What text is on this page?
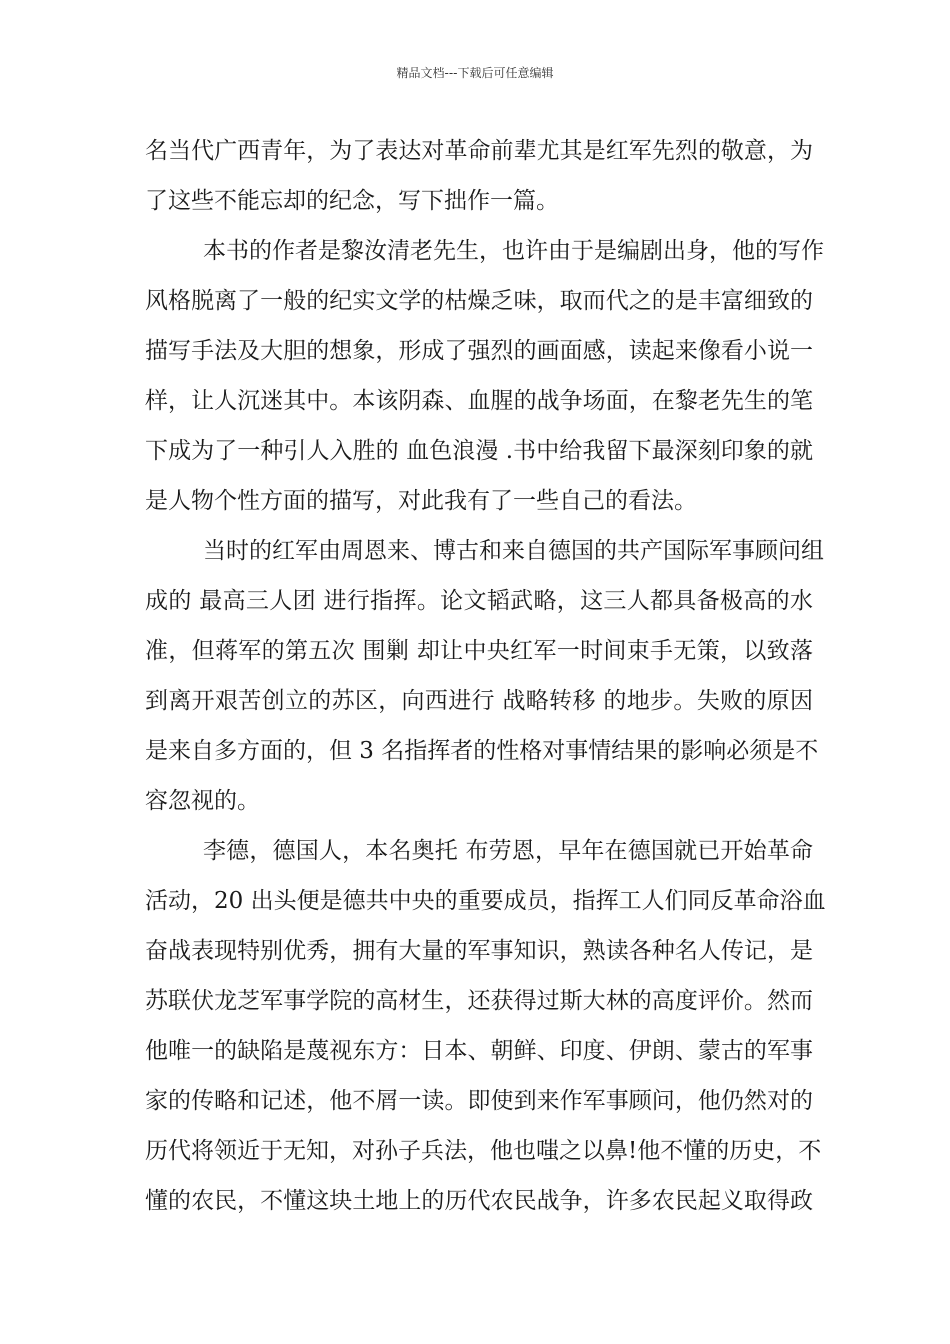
精品文档---下载后可任意编辑
名当代广西青年，为了表达对革命前辈尤其是红军先烈的敬意，为
了这些不能忘却的纪念，写下拙作一篇。
本书的作者是黎汝清老先生，也许由于是编剧出身，他的写作
风格脱离了一般的纪实文学的枯燥乏味，取而代之的是丰富细致的
描写手法及大胆的想象，形成了强烈的画面感，读起来像看小说一
样，让人沉迷其中。本该阴森、血腥的战争场面，在黎老先生的笔
下成为了一种引人入胜的 血色浪漫 .书中给我留下最深刻印象的就
是人物个性方面的描写，对此我有了一些自己的看法。
当时的红军由周恩来、博古和来自德国的共产国际军事顾问组
成的 最高三人团 进行指挥。论文韬武略，这三人都具备极高的水
准，但蒋军的第五次 围剿 却让中央红军一时间束手无策，以致落
到离开艰苦创立的苏区，向西进行 战略转移 的地步。失败的原因
是来自多方面的，但 3 名指挥者的性格对事情结果的影响必须是不
容忽视的。
李德，德国人，本名奥托 布劳恩，早年在德国就已开始革命
活动，20 出头便是德共中央的重要成员，指挥工人们同反革命浴血
奋战表现特别优秀，拥有大量的军事知识，熟读各种名人传记，是
苏联伏龙芝军事学院的高材生，还获得过斯大林的高度评价。然而
他唯一的缺陷是蔑视东方：日本、朝鲜、印度、伊朗、蒙古的军事
家的传略和记述，他不屑一读。即使到来作军事顾问，他仍然对的
历代将领近于无知，对孙子兵法，他也嗤之以鼻!他不懂的历史，不
懂的农民，不懂这块土地上的历代农民战争，许多农民起义取得政
